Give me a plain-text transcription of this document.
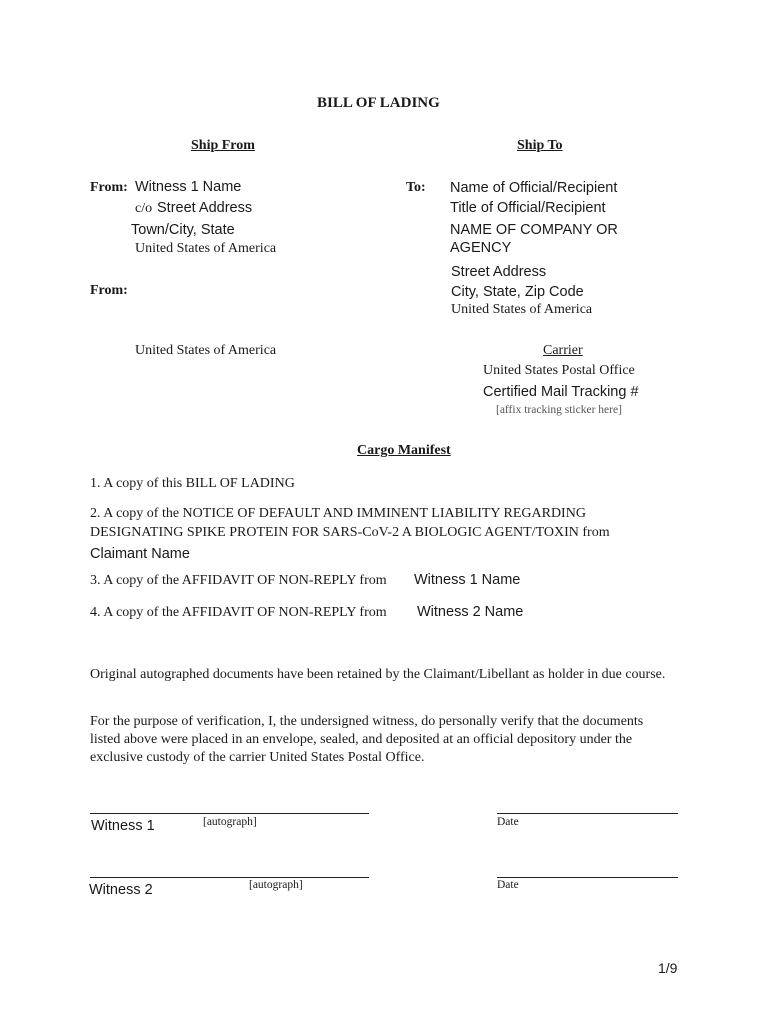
BILL OF LADING
Ship From	Ship To
From: Witness 1 Name
c/o Street Address
Town/City, State
United States of America
From:
United States of America
To: Name of Official/Recipient
Title of Official/Recipient
NAME OF COMPANY OR
AGENCY
Street Address
City, State, Zip Code
United States of America
Carrier
United States Postal Office
Certified Mail Tracking #
[affix tracking sticker here]
Cargo Manifest
1. A copy of this BILL OF LADING
2. A copy of the NOTICE OF DEFAULT AND IMMINENT LIABILITY REGARDING
DESIGNATING SPIKE PROTEIN FOR SARS-CoV-2 A BIOLOGIC AGENT/TOXIN from
Claimant Name
3. A copy of the AFFIDAVIT OF NON-REPLY from Witness 1 Name
4. A copy of the AFFIDAVIT OF NON-REPLY from Witness 2 Name
Original autographed documents have been retained by the Claimant/Libellant as holder in due course.
For the purpose of verification, I, the undersigned witness, do personally verify that the documents listed above were placed in an envelope, sealed, and deposited at an official depository under the exclusive custody of the carrier United States Postal Office.
Witness 1	[autograph]	Date
Witness 2	[autograph]	Date
1/9
